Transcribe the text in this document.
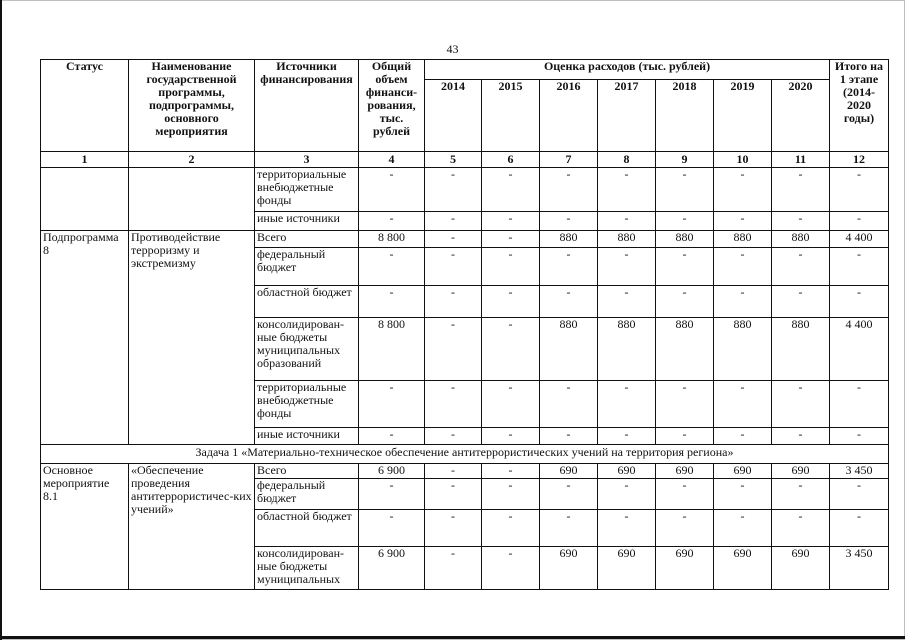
43
Статус	Наименование государственной программы, подпрограммы, основного мероприятия	Источники финансирования	Общий объем финанси-рования, тыс. рублей	Оценка расходов (тыс. рублей)							Итого на 1 этапе (2014-2020 годы)
				2014	2015	2016	2017	2018	2019	2020	
1	2	3	4	5	6	7	8	9	10	11	12
		территориальные внебюджетные фонды	-	-	-	-	-	-	-	-	-
		иные источники	-	-	-	-	-	-	-	-	-
Подпрограмма 8	Противодействие терроризму и экстремизму	Всего	8 800	-	-	880	880	880	880	880	4 400
		федеральный бюджет	-	-	-	-	-	-	-	-	-
		областной бюджет	-	-	-	-	-	-	-	-	-
		консолидирован-ные бюджеты муниципальных образований	8 800	-	-	880	880	880	880	880	4 400
		территориальные внебюджетные фонды	-	-	-	-	-	-	-	-	-
		иные источники	-	-	-	-	-	-	-	-	-
Задача 1 «Материально-техническое обеспечение антитеррористических учений на территория региона»											
Основное мероприятие 8.1	«Обеспечение проведения антитеррористичес-ких учений»	Всего	6 900	-	-	690	690	690	690	690	3 450
		федеральный бюджет	-	-	-	-	-	-	-	-	-
		областной бюджет	-	-	-	-	-	-	-	-	-
		консолидирован-ные бюджеты муниципальных	6 900	-	-	690	690	690	690	690	3 450
